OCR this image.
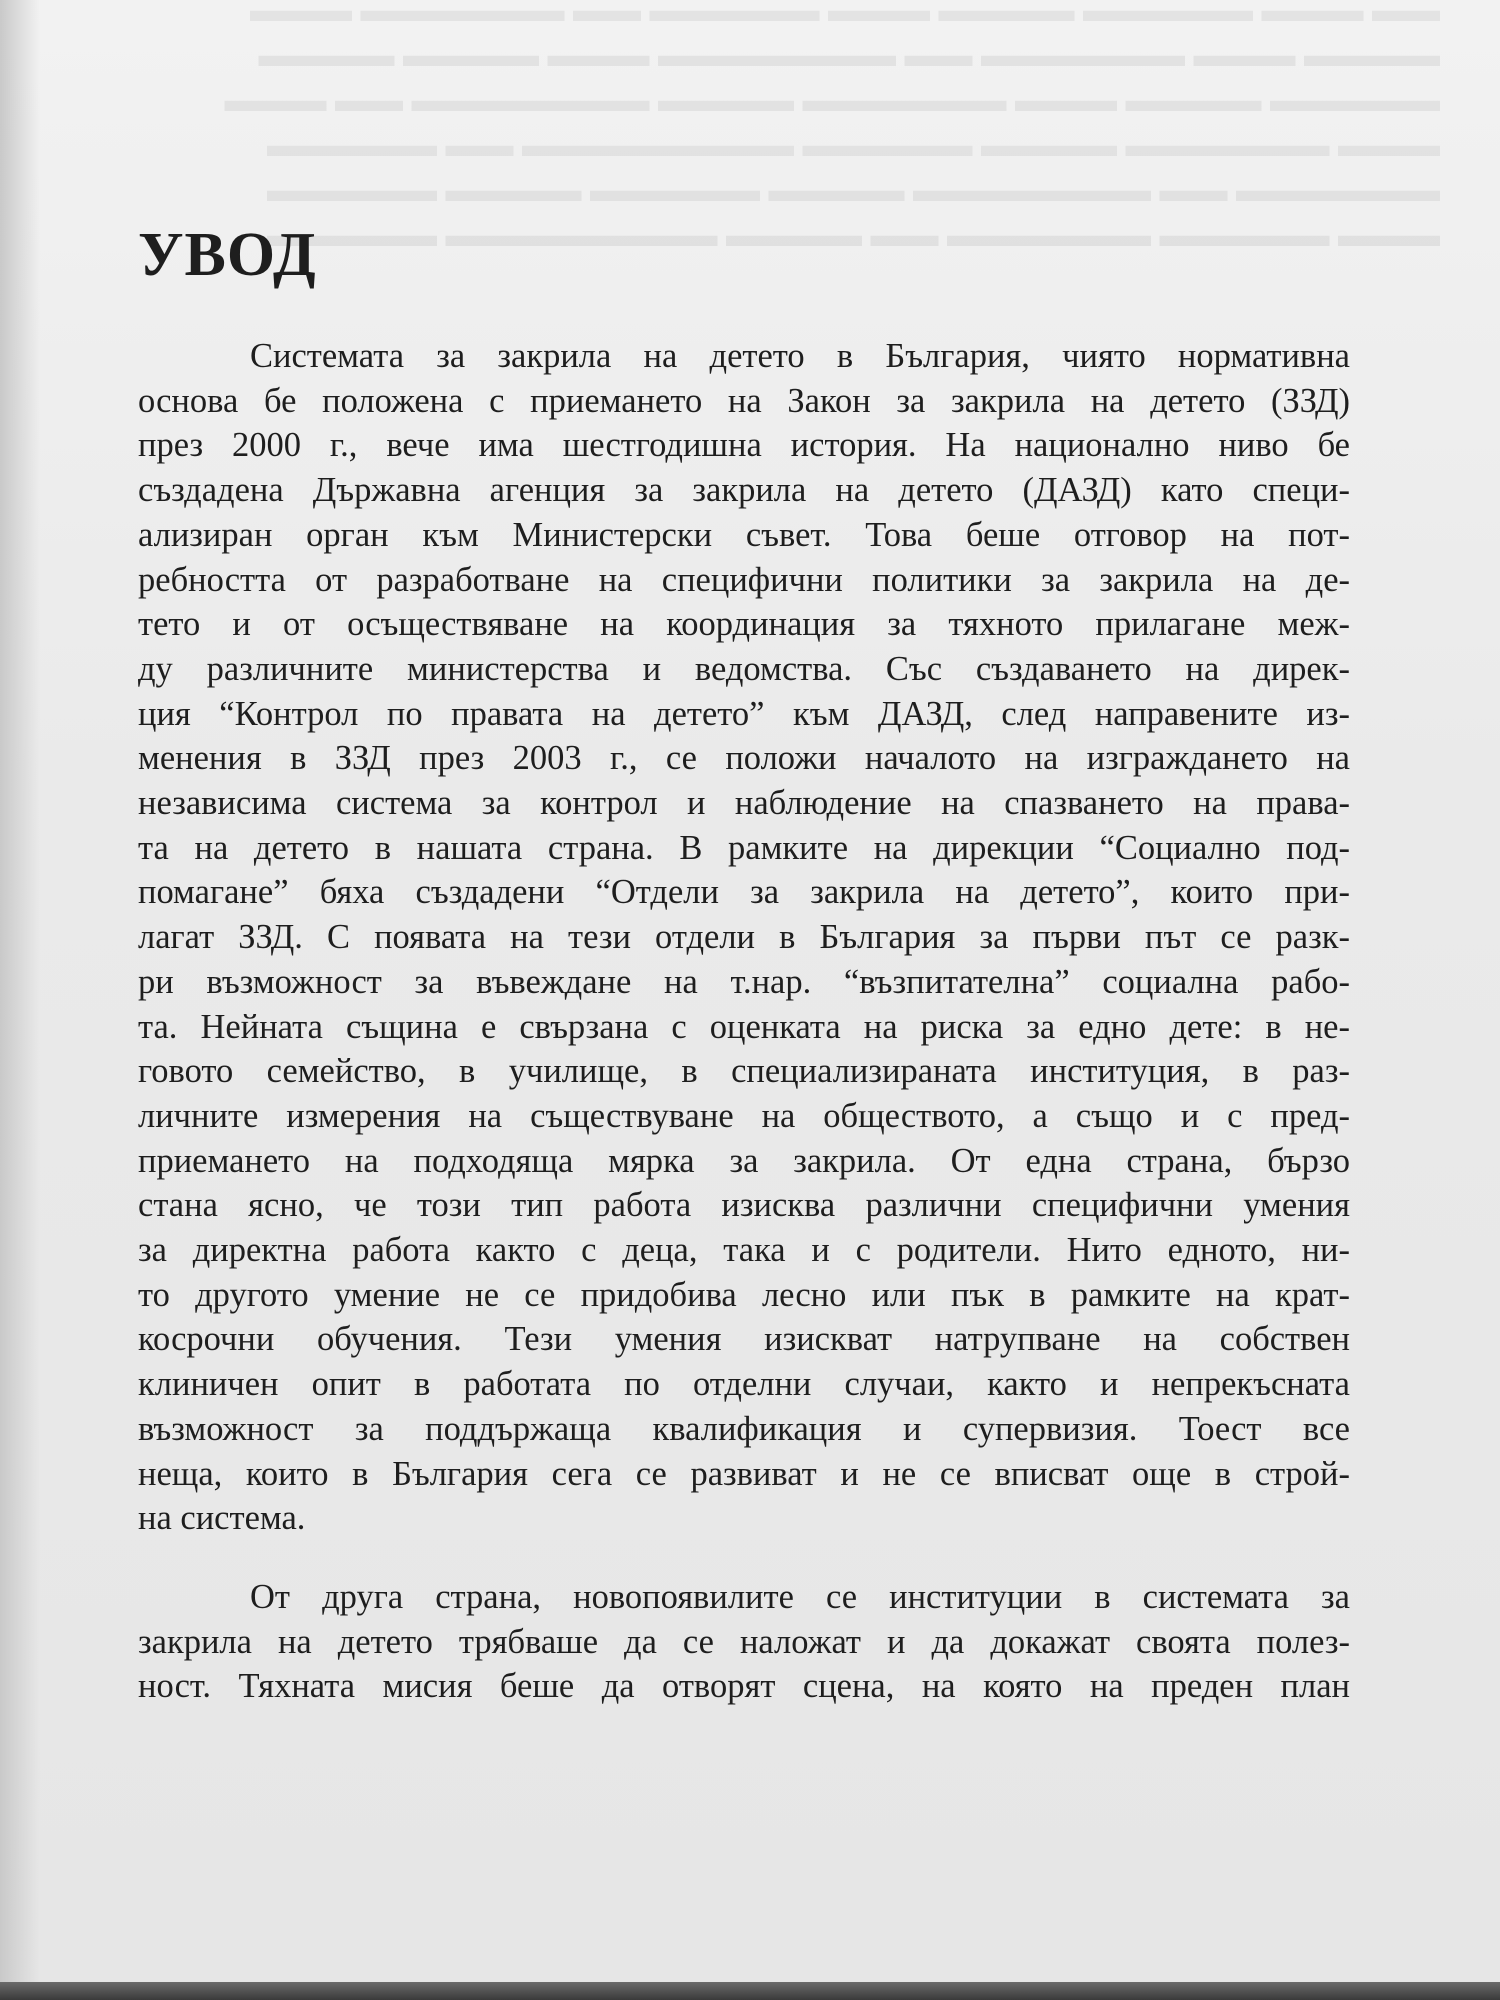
▬▬ ▬▬▬ ▬▬▬▬▬ ▬▬▬▬ ▬▬▬ ▬▬▬▬▬ ▬▬ ▬▬▬▬▬▬ ▬▬▬
▬▬▬▬ ▬▬▬ ▬▬▬▬▬▬ ▬▬ ▬▬▬▬▬▬▬ ▬▬▬ ▬▬▬▬ ▬▬▬▬
▬▬▬▬▬ ▬▬▬▬ ▬▬▬ ▬▬▬▬▬▬ ▬▬▬▬ ▬▬▬▬▬▬▬ ▬▬ ▬▬▬
▬▬▬ ▬▬▬▬▬▬ ▬▬▬▬ ▬▬▬▬▬ ▬▬▬▬▬▬▬▬ ▬▬ ▬▬▬▬▬
▬▬▬▬▬▬ ▬▬ ▬▬▬▬▬▬▬ ▬▬▬▬ ▬▬▬▬▬ ▬▬▬▬ ▬▬▬▬▬
▬▬▬ ▬▬▬▬▬ ▬▬▬▬▬▬ ▬▬ ▬▬▬▬ ▬▬▬▬▬▬▬▬ ▬▬▬▬▬
УВОД
Системата за закрила на детето в България, чиято нормативна
основа бе положена с приемането на Закон за закрила на детето (ЗЗД)
през 2000 г., вече има шестгодишна история. На национално ниво бе
създадена Държавна агенция за закрила на детето (ДАЗД) като специ-
ализиран орган към Министерски съвет. Това беше отговор на пот-
ребността от разработване на специфични политики за закрила на де-
тето и от осъществяване на координация за тяхното прилагане меж-
ду различните министерства и ведомства. Със създаването на дирек-
ция “Контрол по правата на детето” към ДАЗД, след направените из-
менения в ЗЗД през 2003 г., се положи началото на изграждането на
независима система за контрол и наблюдение на спазването на права-
та на детето в нашата страна. В рамките на дирекции “Социално под-
помагане” бяха създадени “Отдели за закрила на детето”, които при-
лагат ЗЗД. С появата на тези отдели в България за първи път се разк-
ри възможност за въвеждане на т.нар. “възпитателна” социална рабо-
та. Нейната същина е свързана с оценката на риска за едно дете: в не-
говото семейство, в училище, в специализираната институция, в раз-
личните измерения на съществуване на обществото, а също и с пред-
приемането на подходяща мярка за закрила. От една страна, бързо
стана ясно, че този тип работа изисква различни специфични умения
за директна работа както с деца, така и с родители. Нито едното, ни-
то другото умение не се придобива лесно или пък в рамките на крат-
косрочни обучения. Тези умения изискват натрупване на собствен
клиничен опит в работата по отделни случаи, както и непрекъсната
възможност за поддържаща квалификация и супервизия. Тоест все
неща, които в България сега се развиват и не се вписват още в строй-
на система.
От друга страна, новопоявилите се институции в системата за
закрила на детето трябваше да се наложат и да докажат своята полез-
ност. Тяхната мисия беше да отворят сцена, на която на преден план
